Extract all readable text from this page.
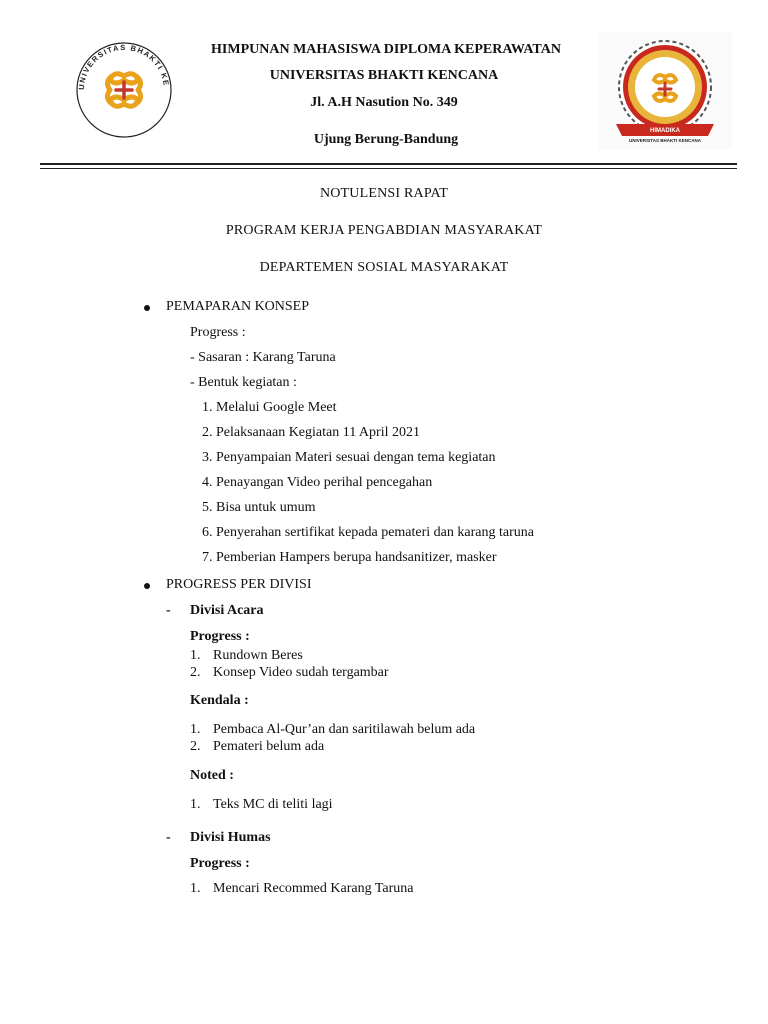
UNIVERSITAS BHAKTI KE
HIMADIKA
UNIVERSITAS BHAKTI KENCANA
HIMPUNAN MAHASISWA DIPLOMA KEPERAWATAN
UNIVERSITAS BHAKTI KENCANA
Jl. A.H Nasution No. 349
Ujung Berung-Bandung
NOTULENSI RAPAT
PROGRAM KERJA PENGABDIAN MASYARAKAT
DEPARTEMEN SOSIAL MASYARAKAT
PEMAPARAN KONSEP
Progress :
- Sasaran : Karang Taruna
- Bentuk kegiatan :
1. Melalui Google Meet
2. Pelaksanaan Kegiatan 11 April 2021
3. Penyampaian Materi sesuai dengan tema kegiatan
4. Penayangan Video perihal pencegahan
5. Bisa untuk umum
6. Penyerahan sertifikat kepada pemateri dan karang taruna
7. Pemberian Hampers berupa handsanitizer, masker
PROGRESS PER DIVISI
- Divisi Acara
Progress :
1. Rundown Beres
2. Konsep Video sudah tergambar
Kendala :
1. Pembaca Al-Qur’an dan saritilawah belum ada
2. Pemateri belum ada
Noted :
1. Teks MC di teliti lagi
- Divisi Humas
Progress :
1. Mencari Recommed Karang Taruna
